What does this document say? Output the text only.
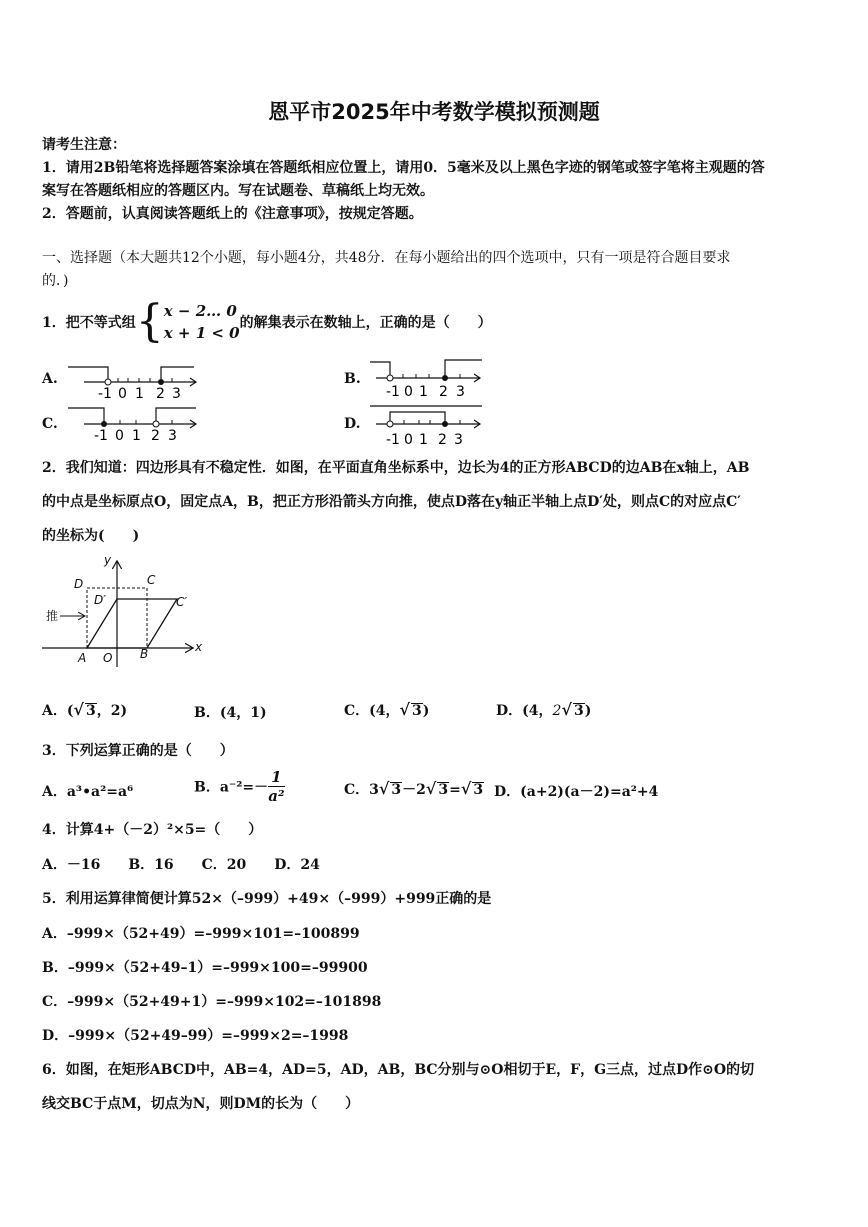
恩平市2025年中考数学模拟预测题
请考生注意：
1．请用2B铅笔将选择题答案涂填在答题纸相应位置上，请用0．5毫米及以上黑色字迹的钢笔或签字笔将主观题的答
案写在答题纸相应的答题区内。写在试题卷、草稿纸上均无效。
2．答题前，认真阅读答题纸上的《注意事项》，按规定答题。
一、选择题（本大题共12个小题，每小题4分，共48分．在每小题给出的四个选项中，只有一项是符合题目要求
的．)
1．把不等式组{ x − 2… 0
x + 1 < 0
的解集表示在数轴上，正确的是（　　）
A.	B.
C.	D.
-1 0 1 2 3	-1 0 1 2 3
-1 0 1 2 3	-1 0 1 2 3
2．我们知道：四边形具有不稳定性．如图，在平面直角坐标系中，边长为4的正方形ABCD的边AB在x轴上，AB
的中点是坐标原点O，固定点A，B，把正方形沿箭头方向推，使点D落在y轴正半轴上点D′处，则点C的对应点C′
的坐标为(　　)
y
x
D	C
D′	C′
A O B
推
A．(√ 3，2)	B．(4，1)	C．(4，√ 3)	D．(4，2√ 3)
3．下列运算正确的是（　　）
A．a³•a²=a⁶	B．$a^{-2}=- \frac{1}{\text{a²}}$	C．3√ 3－2√ 3=√ 3 D．(a+2)(a－2)=a²+4
4．计算4+（－2）²×5=（　　）
A．－16　　B．16　　C．20　　D．24
5．利用运算律简便计算52×（–999）+49×（–999）+999正确的是
A．–999×（52+49）=–999×101=–100899
B．–999×（52+49–1）=–999×100=–99900
C．–999×（52+49+1）=–999×102=–101898
D．–999×（52+49–99）=–999×2=–1998
6．如图，在矩形ABCD中，AB=4，AD=5，AD，AB，BC分别与⊙O相切于E，F，G三点，过点D作⊙O的切
线交BC于点M，切点为N，则DM的长为（　　）
